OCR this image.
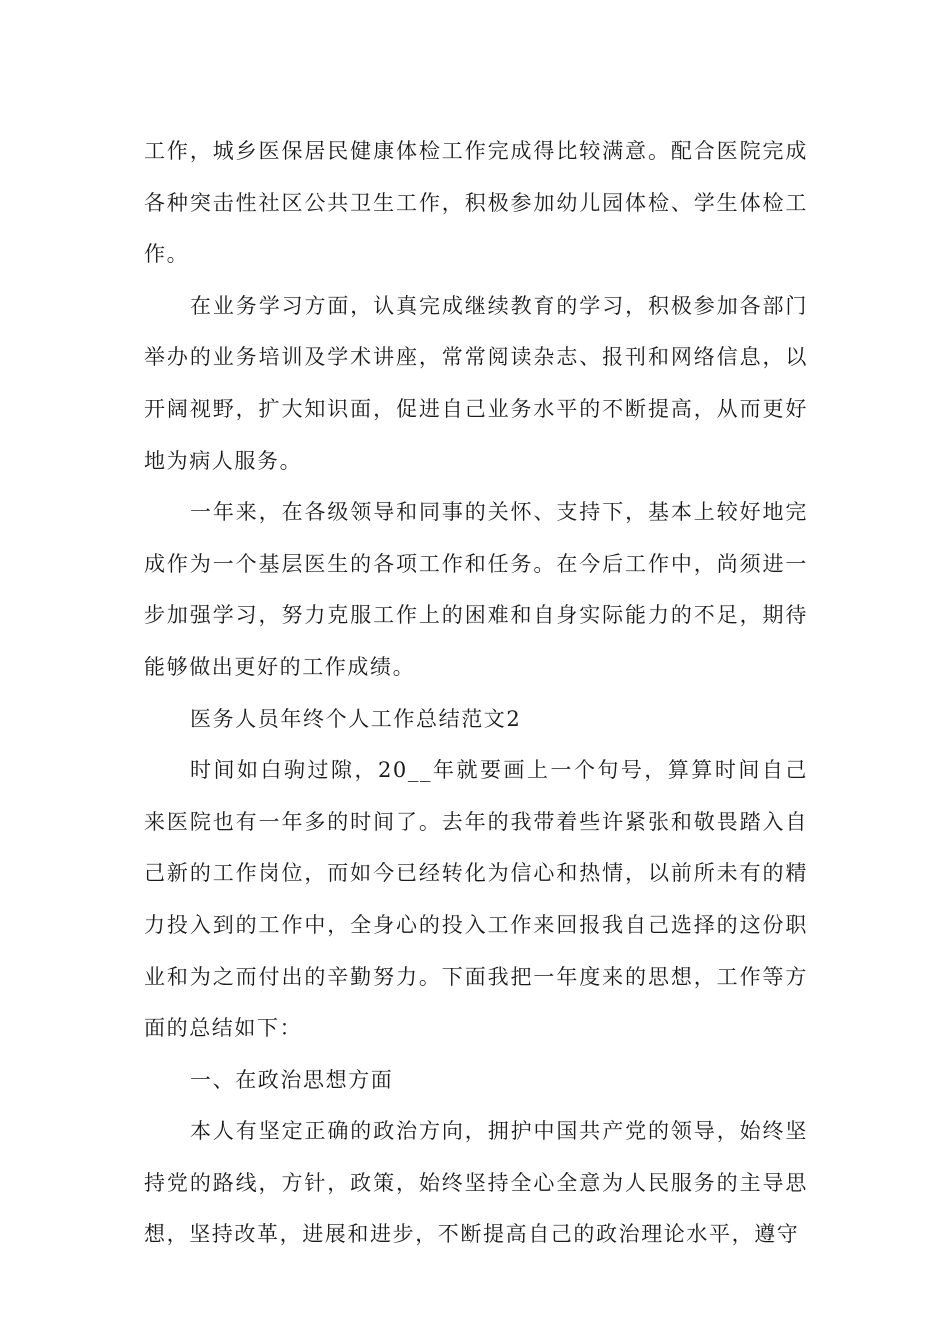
工作，城乡医保居民健康体检工作完成得比较满意。配合医院完成各种突击性社区公共卫生工作，积极参加幼儿园体检、学生体检工作。

在业务学习方面，认真完成继续教育的学习，积极参加各部门举办的业务培训及学术讲座，常常阅读杂志、报刊和网络信息，以开阔视野，扩大知识面，促进自己业务水平的不断提高，从而更好地为病人服务。

一年来，在各级领导和同事的关怀、支持下，基本上较好地完成作为一个基层医生的各项工作和任务。在今后工作中，尚须进一步加强学习，努力克服工作上的困难和自身实际能力的不足，期待能够做出更好的工作成绩。

医务人员年终个人工作总结范文2

时间如白驹过隙，20__年就要画上一个句号，算算时间自己来医院也有一年多的时间了。去年的我带着些许紧张和敬畏踏入自己新的工作岗位，而如今已经转化为信心和热情，以前所未有的精力投入到的工作中，全身心的投入工作来回报我自己选择的这份职业和为之而付出的辛勤努力。下面我把一年度来的思想，工作等方面的总结如下：

一、在政治思想方面

本人有坚定正确的政治方向，拥护中国共产党的领导，始终坚持党的路线，方针，政策，始终坚持全心全意为人民服务的主导思想，坚持改革，进展和进步，不断提高自己的政治理论水平，遵守
